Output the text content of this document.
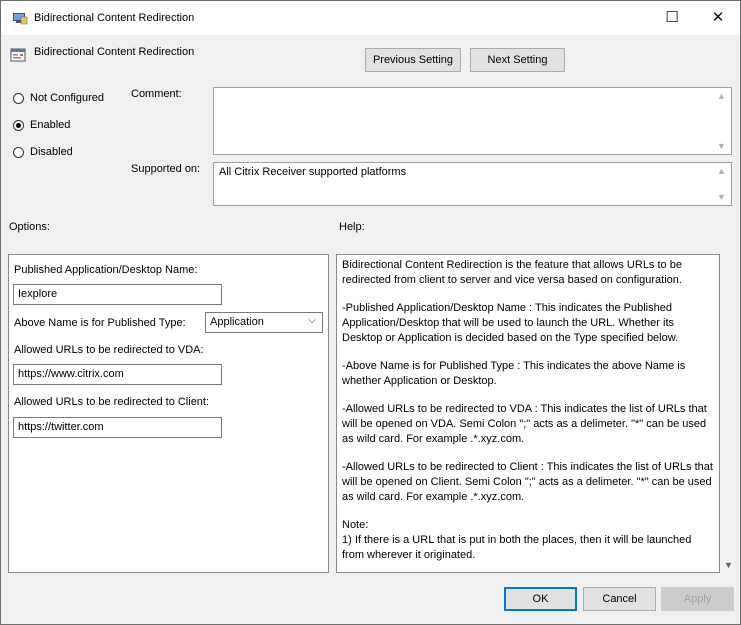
Bidirectional Content Redirection	☐	✕
Bidirectional Content Redirection
Previous Setting	Next Setting
Not Configured
Enabled
Disabled
Comment:	▲
▼
Supported on:	All Citrix Receiver supported platforms	▲
▼
Options:	Help:
Published Application/Desktop Name:
Iexplore
Above Name is for Published Type:	Application	⌵
Allowed URLs to be redirected to VDA:
https://www.citrix.com
Allowed URLs to be redirected to Client:
https://twitter.com

Bidirectional Content Redirection is the feature that allows URLs to be redirected from client to server and vice versa based on configuration.

-Published Application/Desktop Name : This indicates the Published Application/Desktop that will be used to launch the URL. Whether its Desktop or Application is decided based on the Type specified below.

-Above Name is for Published Type : This indicates the above Name is whether Application or Desktop.

-Allowed URLs to be redirected to VDA : This indicates the list of URLs that will be opened on VDA. Semi Colon ";" acts as a delimeter. "*" can be used as wild card. For example .*.xyz.com.

-Allowed URLs to be redirected to Client : This indicates the list of URLs that will be opened on Client. Semi Colon ";" acts as a delimeter. "*" can be used as wild card. For example .*.xyz.com.

Note:

1) If there is a URL that is put in both the places, then it will be launched from wherever it originated.

▼
OK	Cancel	Apply
